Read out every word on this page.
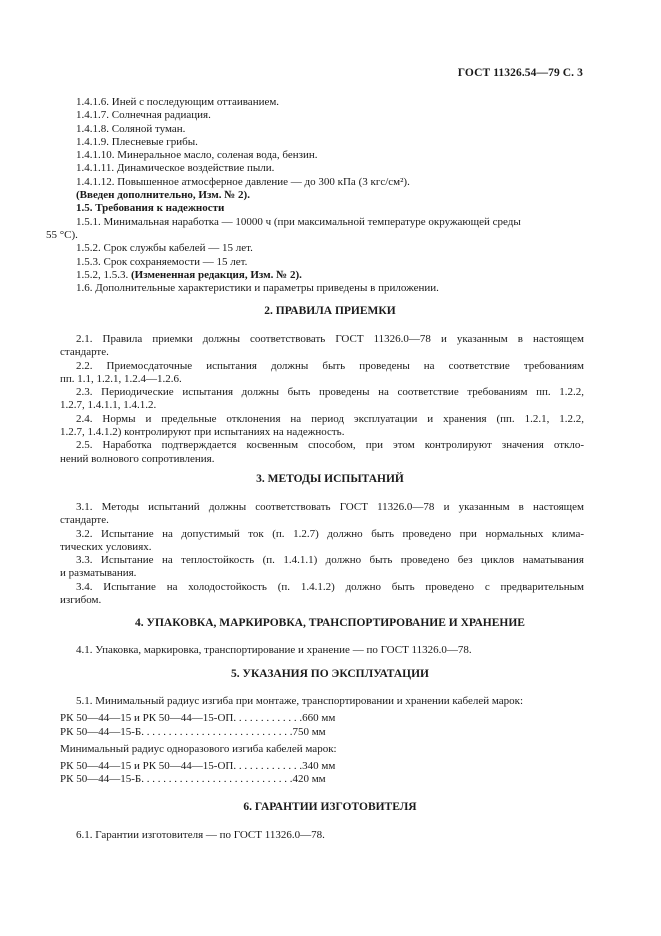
ГОСТ 11326.54—79 С. 3
1.4.1.6. Иней с последующим оттаиванием.
1.4.1.7. Солнечная радиация.
1.4.1.8. Соляной туман.
1.4.1.9. Плесневые грибы.
1.4.1.10. Минеральное масло, соленая вода, бензин.
1.4.1.11. Динамическое воздействие пыли.
1.4.1.12. Повышенное атмосферное давление — до 300 кПа (3 кгс/см²).
(Введен дополнительно, Изм. № 2).
1.5. Требования к надежности
1.5.1. Минимальная наработка — 10000 ч (при максимальной температуре окружающей среды
55 °С).
1.5.2. Срок службы кабелей — 15 лет.
1.5.3. Срок сохраняемости — 15 лет.
1.5.2, 1.5.3. (Измененная редакция, Изм. № 2).
1.6. Дополнительные характеристики и параметры приведены в приложении.
2. ПРАВИЛА ПРИЕМКИ
2.1. Правила приемки должны соответствовать ГОСТ 11326.0—78 и указанным в настоящем
стандарте.
2.2. Приемосдаточные испытания должны быть проведены на соответствие требованиям
пп. 1.1, 1.2.1, 1.2.4—1.2.6.
2.3. Периодические испытания должны быть проведены на соответствие требованиям пп. 1.2.2,
1.2.7, 1.4.1.1, 1.4.1.2.
2.4. Нормы и предельные отклонения на период эксплуатации и хранения (пп. 1.2.1, 1.2.2,
1.2.7, 1.4.1.2) контролируют при испытаниях на надежность.
2.5. Наработка подтверждается косвенным способом, при этом контролируют значения откло-
нений волнового сопротивления.
3. МЕТОДЫ ИСПЫТАНИЙ
3.1. Методы испытаний должны соответствовать ГОСТ 11326.0—78 и указанным в настоящем
стандарте.
3.2. Испытание на допустимый ток (п. 1.2.7) должно быть проведено при нормальных клима-
тических условиях.
3.3. Испытание на теплостойкость (п. 1.4.1.1) должно быть проведено без циклов наматывания
и разматывания.
3.4. Испытание на холодостойкость (п. 1.4.1.2) должно быть проведено с предварительным
изгибом.
4. УПАКОВКА, МАРКИРОВКА, ТРАНСПОРТИРОВАНИЕ И ХРАНЕНИЕ
4.1. Упаковка, маркировка, транспортирование и хранение — по ГОСТ 11326.0—78.
5. УКАЗАНИЯ ПО ЭКСПЛУАТАЦИИ
5.1. Минимальный радиус изгиба при монтаже, транспортировании и хранении кабелей марок:
РК 50—44—15 и РК 50—44—15-ОП . . . . . . . . . . . . . 660 мм
РК 50—44—15-Б . . . . . . . . . . . . . . . . . . . . . . . . . . . . 750 мм
Минимальный радиус одноразового изгиба кабелей марок:
РК 50—44—15 и РК 50—44—15-ОП . . . . . . . . . . . . . 340 мм
РК 50—44—15-Б . . . . . . . . . . . . . . . . . . . . . . . . . . . . 420 мм
6. ГАРАНТИИ ИЗГОТОВИТЕЛЯ
6.1. Гарантии изготовителя — по ГОСТ 11326.0—78.
